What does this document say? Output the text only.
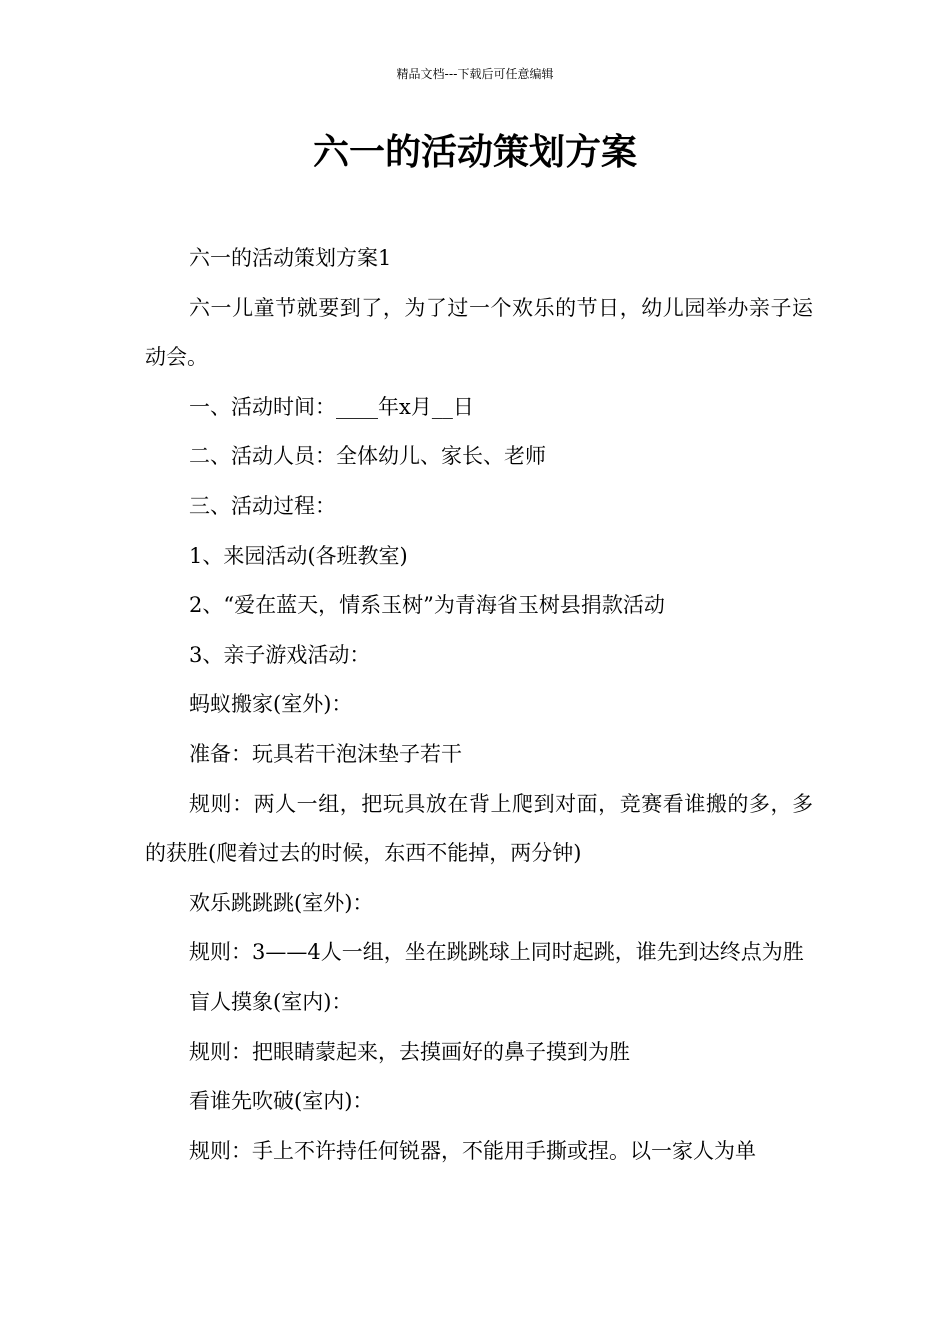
精品文档---下载后可任意编辑
六一的活动策划方案

六一的活动策划方案1

六一儿童节就要到了，为了过一个欢乐的节日，幼儿园举办亲子运动会。

一、活动时间：____年x月__日

二、活动人员：全体幼儿、家长、老师

三、活动过程：

1、来园活动(各班教室)

2、“爱在蓝天，情系玉树”为青海省玉树县捐款活动

3、亲子游戏活动：

蚂蚁搬家(室外)：

准备：玩具若干泡沫垫子若干

规则：两人一组，把玩具放在背上爬到对面，竞赛看谁搬的多，多的获胜(爬着过去的时候，东西不能掉，两分钟)

欢乐跳跳跳(室外)：

规则：3——4人一组，坐在跳跳球上同时起跳，谁先到达终点为胜

盲人摸象(室内)：

规则：把眼睛蒙起来，去摸画好的鼻子摸到为胜

看谁先吹破(室内)：

规则：手上不许持任何锐器，不能用手撕或捏。以一家人为单
